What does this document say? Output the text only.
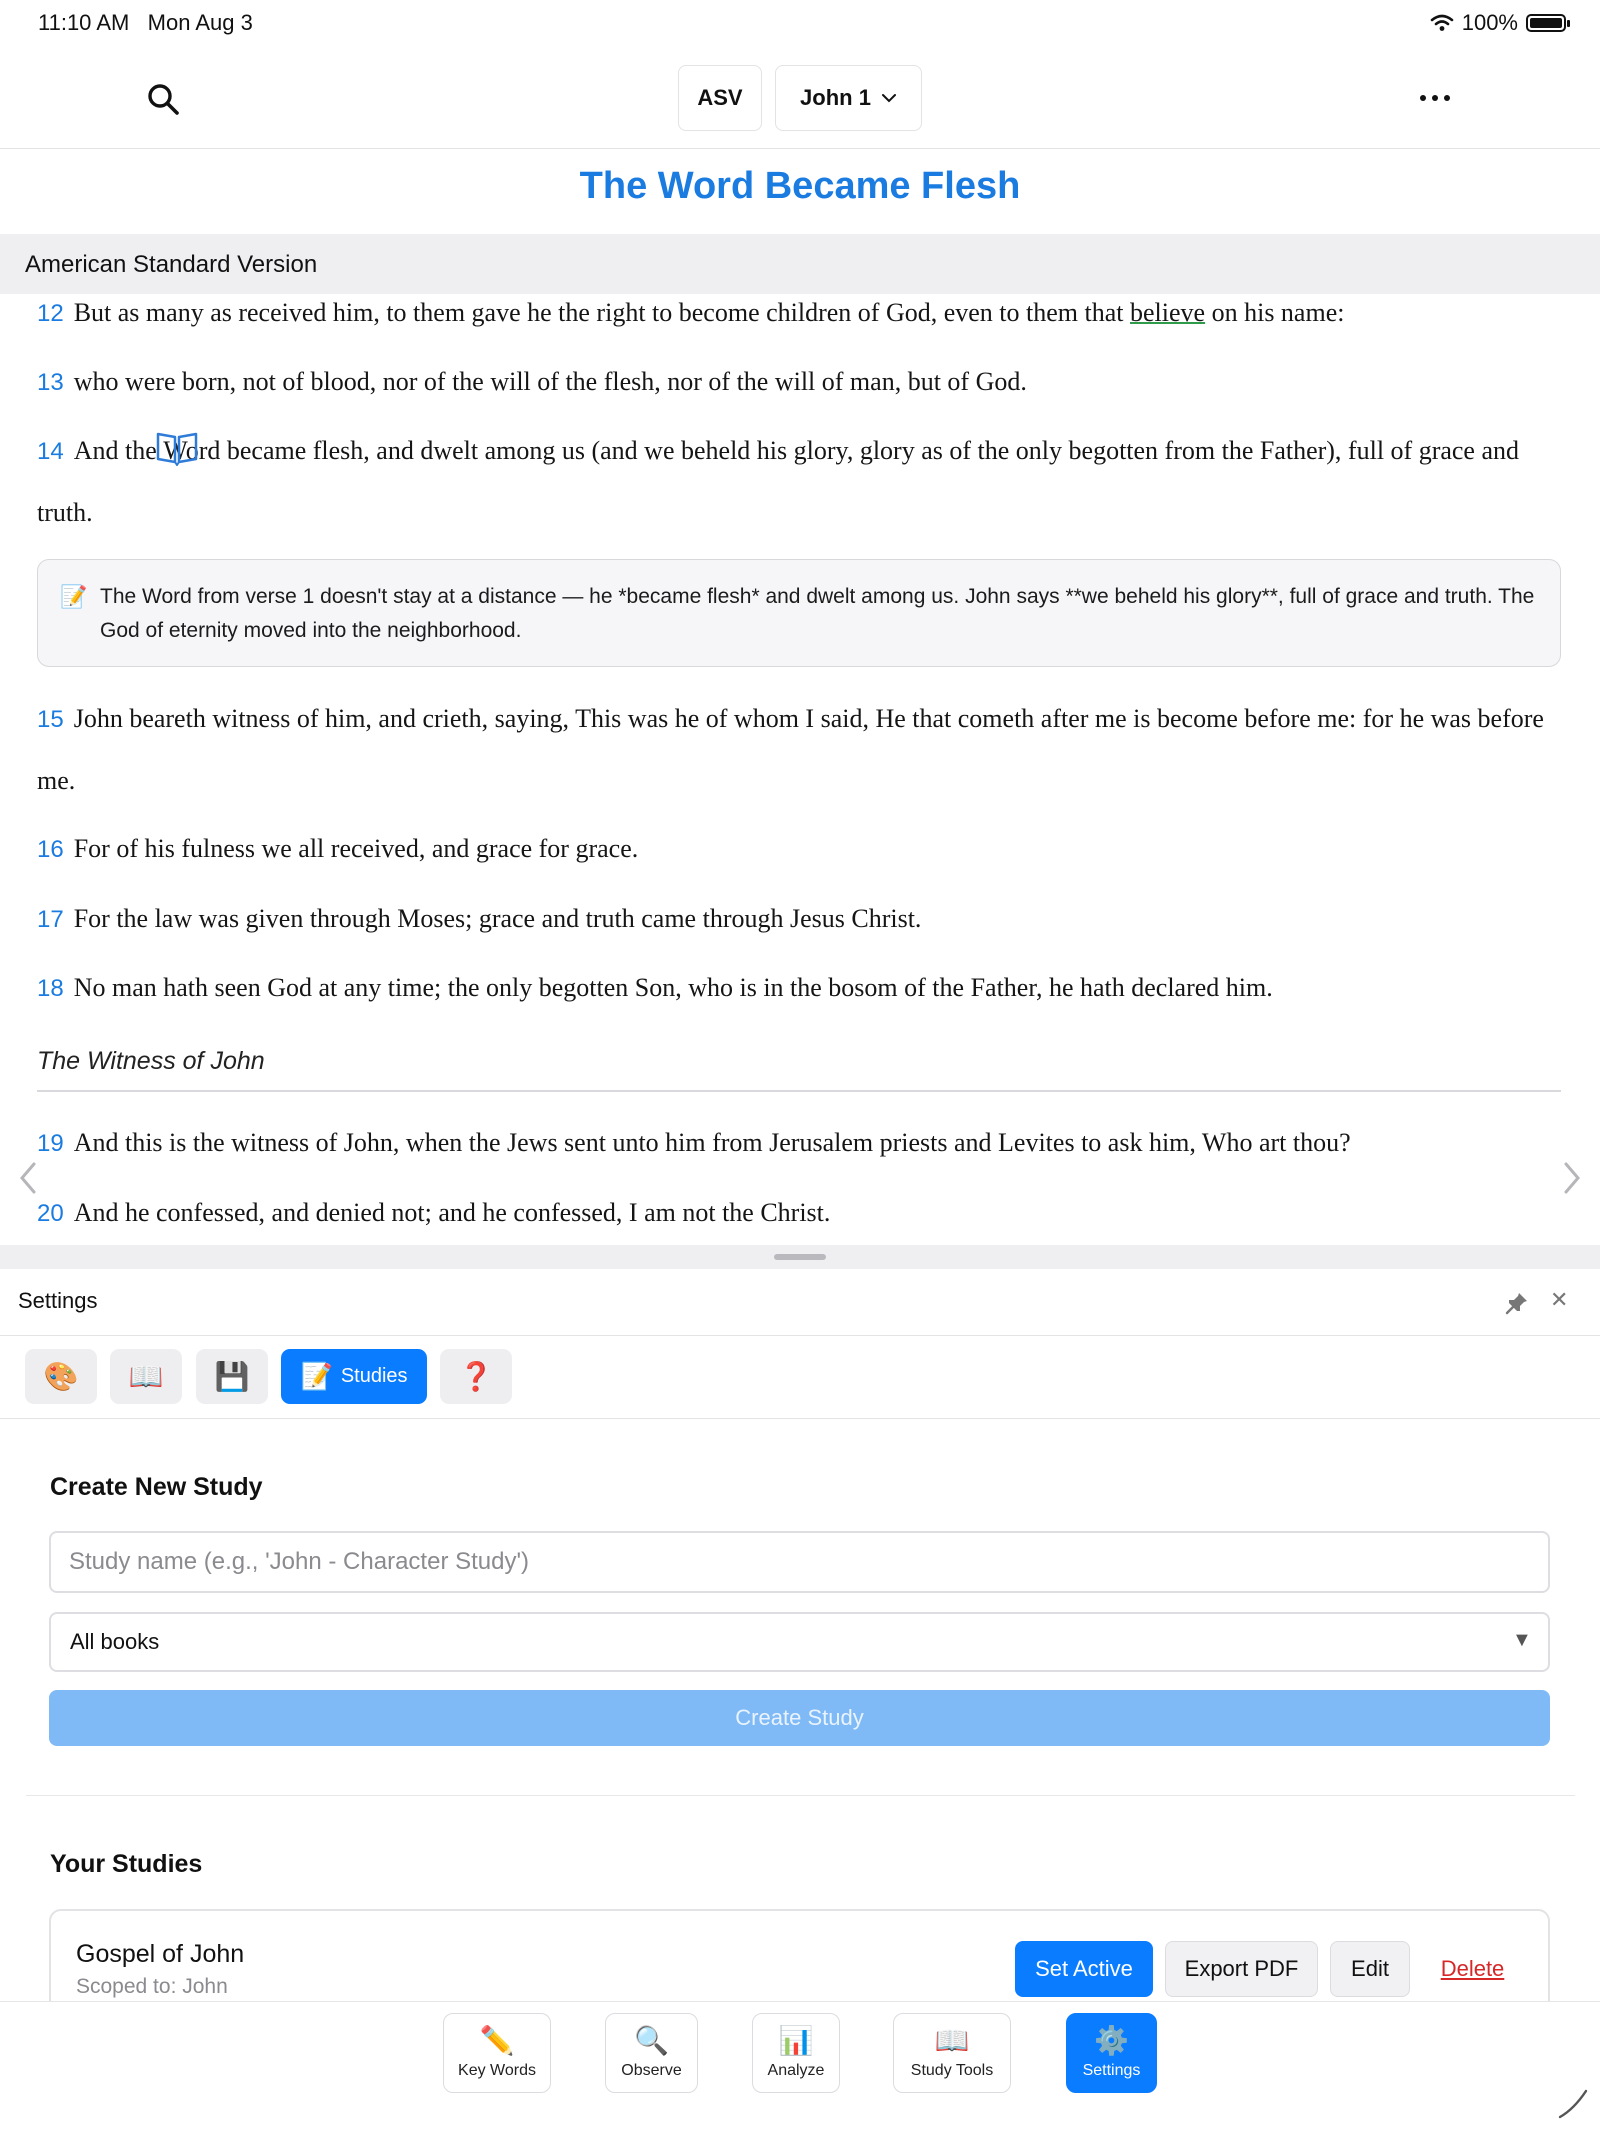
11:10 AM Mon Aug 3	100%
ASV	John 1
The Word Became Flesh
American Standard Version
12 But as many as received him, to them gave he the right to become children of God, even to them that believe on his name:
13 who were born, not of blood, nor of the will of the flesh, nor of the will of man, but of God.
14 And the Word
became flesh, and dwelt among us (and we beheld his glory, glory as of the only begotten from the Father), full of grace and truth.
📝 The Word from verse 1 doesn't stay at a distance — he *became flesh* and dwelt among us. John says **we beheld his glory**, full of grace and truth. The God of eternity moved into the neighborhood.
15 John beareth witness of him, and crieth, saying, This was he of whom I said, He that cometh after me is become before me: for he was before me.
16 For of his fulness we all received, and grace for grace.
17 For the law was given through Moses; grace and truth came through Jesus Christ.
18 No man hath seen God at any time; the only begotten Son, who is in the bosom of the Father, he hath declared him.
The Witness of John
19 And this is the witness of John, when the Jews sent unto him from Jerusalem priests and Levites to ask him, Who art thou?
20 And he confessed, and denied not; and he confessed, I am not the Christ.
Settings	✕
🎨 📖 💾 📝 Studies ❓
Create New Study
Study name (e.g., 'John - Character Study')
All books	▼
Create Study
Your Studies
Gospel of John
Scoped to: John
Set Active Export PDF Edit Delete
✏️
Key Words
🔍
Observe
📊
Analyze
📖
Study Tools
⚙️
Settings
